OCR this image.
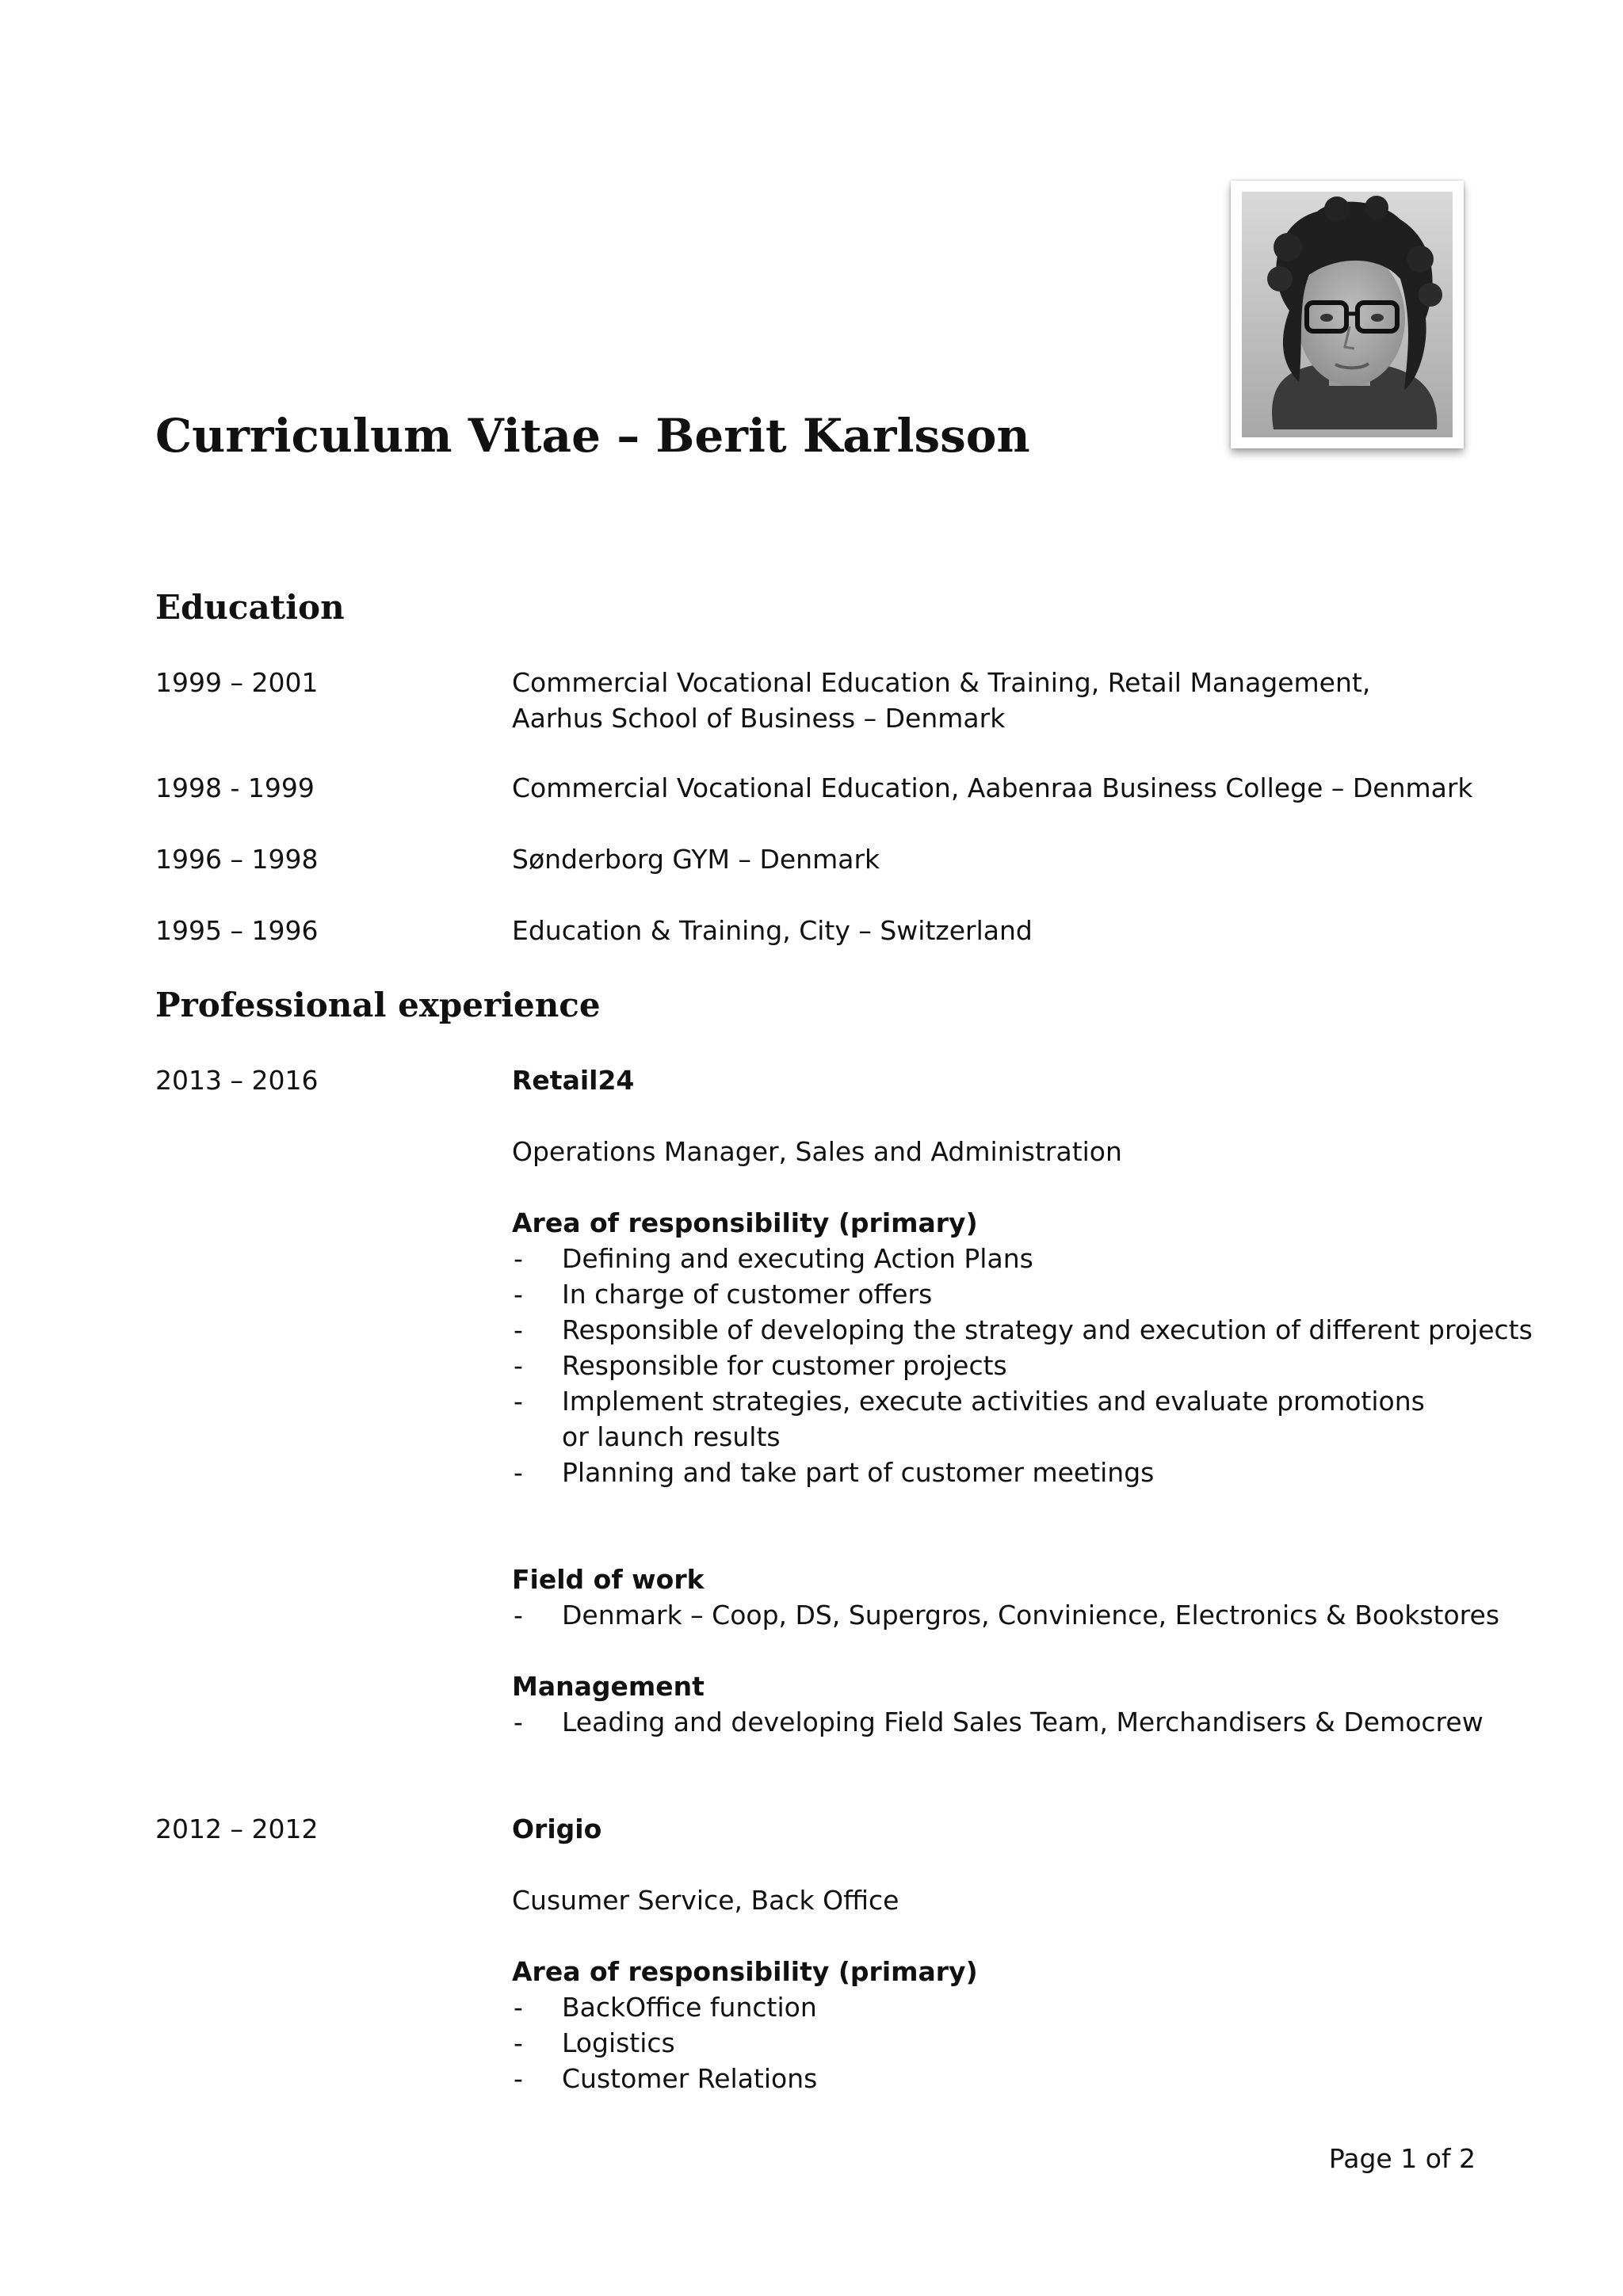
Curriculum Vitae – Berit Karlsson
Education
1999 – 2001	Commercial Vocational Education & Training, Retail Management, Aarhus School of Business – Denmark
1998 - 1999	Commercial Vocational Education, Aabenraa Business College – Denmark
1996 – 1998	Sønderborg GYM – Denmark
1995 – 1996	Education & Training, City – Switzerland
Professional experience
2013 – 2016	Retail24

Operations Manager, Sales and Administration

Area of responsibility (primary)

- Defining and executing Action Plans
- In charge of customer offers
- Responsible of developing the strategy and execution of different projects
- Responsible for customer projects
- Implement strategies, execute activities and evaluate promotions or launch results
- Planning and take part of customer meetings

Field of work

- Denmark – Coop, DS, Supergros, Convinience, Electronics & Bookstores

Management

- Leading and developing Field Sales Team, Merchandisers & Democrew
2012 – 2012	Origio

Cusumer Service, Back Office

Area of responsibility (primary)

- BackOffice function
- Logistics
- Customer Relations
Page 1 of 2
